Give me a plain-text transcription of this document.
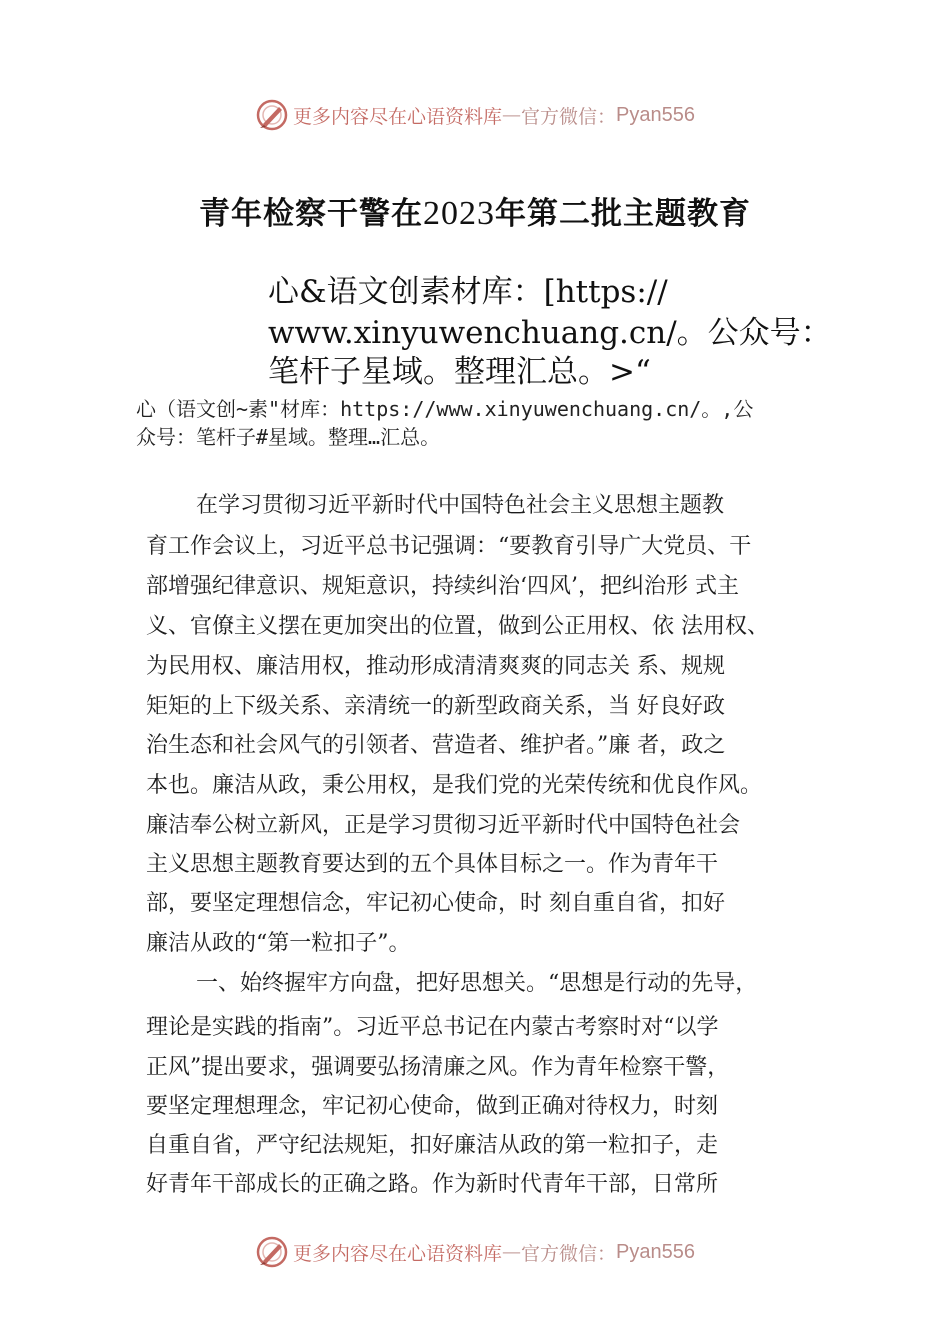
更多内容尽在心语资料库 — 官方微信： Pyan556
青年检察干警在2023年第二批主题教育
心&语文创素材库：[https://
www.xinyuwenchuang.cn/。公众号：
笔杆子星域。整理汇总。>“
心（语文创~素"材库：https://www.xinyuwenchuang.cn/。,公
众号：笔杆子#星域。整理…汇总。
在学习贯彻习近平新时代中国特色社会主义思想主题教
育工作会议上，习近平总书记强调：“要教育引导广大党员、干
部增强纪律意识、规矩意识，持续纠治‘四风’，把纠治形 式主
义、官僚主义摆在更加突出的位置，做到公正用权、依 法用权、
为民用权、廉洁用权，推动形成清清爽爽的同志关 系、规规
矩矩的上下级关系、亲清统一的新型政商关系，当 好良好政
治生态和社会风气的引领者、营造者、维护者。”廉 者，政之
本也。廉洁从政，秉公用权，是我们党的光荣传统和优良作风。
廉洁奉公树立新风，正是学习贯彻习近平新时代中国特色社会
主义思想主题教育要达到的五个具体目标之一。作为青年干
部，要坚定理想信念，牢记初心使命，时 刻自重自省，扣好
廉洁从政的“第一粒扣子”。
一、始终握牢方向盘，把好思想关。“思想是行动的先导，
理论是实践的指南”。习近平总书记在内蒙古考察时对“以学
正风”提出要求，强调要弘扬清廉之风。作为青年检察干警，
要坚定理想理念，牢记初心使命，做到正确对待权力，时刻
自重自省，严守纪法规矩，扣好廉洁从政的第一粒扣子，走
好青年干部成长的正确之路。作为新时代青年干部，日常所
更多内容尽在心语资料库 — 官方微信： Pyan556
